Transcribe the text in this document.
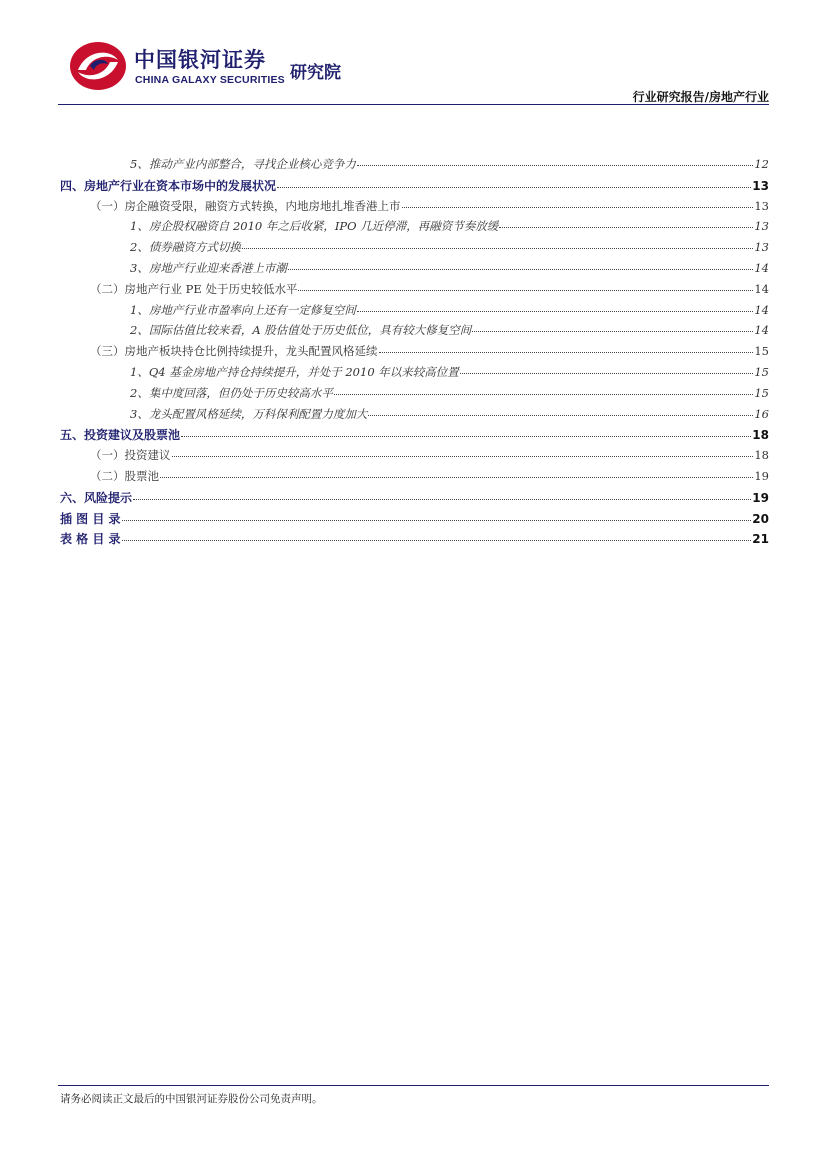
中国银河证券
CHINA GALAXY SECURITIES 研究院
行业研究报告/房地产行业
5、推动产业内部整合，寻找企业核心竞争力	12
四、房地产行业在资本市场中的发展状况	13
（一）房企融资受限，融资方式转换，内地房地扎堆香港上市	13
1、房企股权融资自 2010 年之后收紧，IPO 几近停滞，再融资节奏放缓	13
2、债券融资方式切换	13
3、房地产行业迎来香港上市潮	14
（二）房地产行业 PE 处于历史较低水平	14
1、房地产行业市盈率向上还有一定修复空间	14
2、国际估值比较来看，A 股估值处于历史低位，具有较大修复空间	14
（三）房地产板块持仓比例持续提升，龙头配置风格延续	15
1、Q4 基金房地产持仓持续提升，并处于 2010 年以来较高位置	15
2、集中度回落，但仍处于历史较高水平	15
3、龙头配置风格延续，万科保利配置力度加大	16
五、投资建议及股票池	18
（一）投资建议	18
（二）股票池	19
六、风险提示	19
插 图 目 录	20
表 格 目 录	21
请务必阅读正文最后的中国银河证券股份公司免责声明。
